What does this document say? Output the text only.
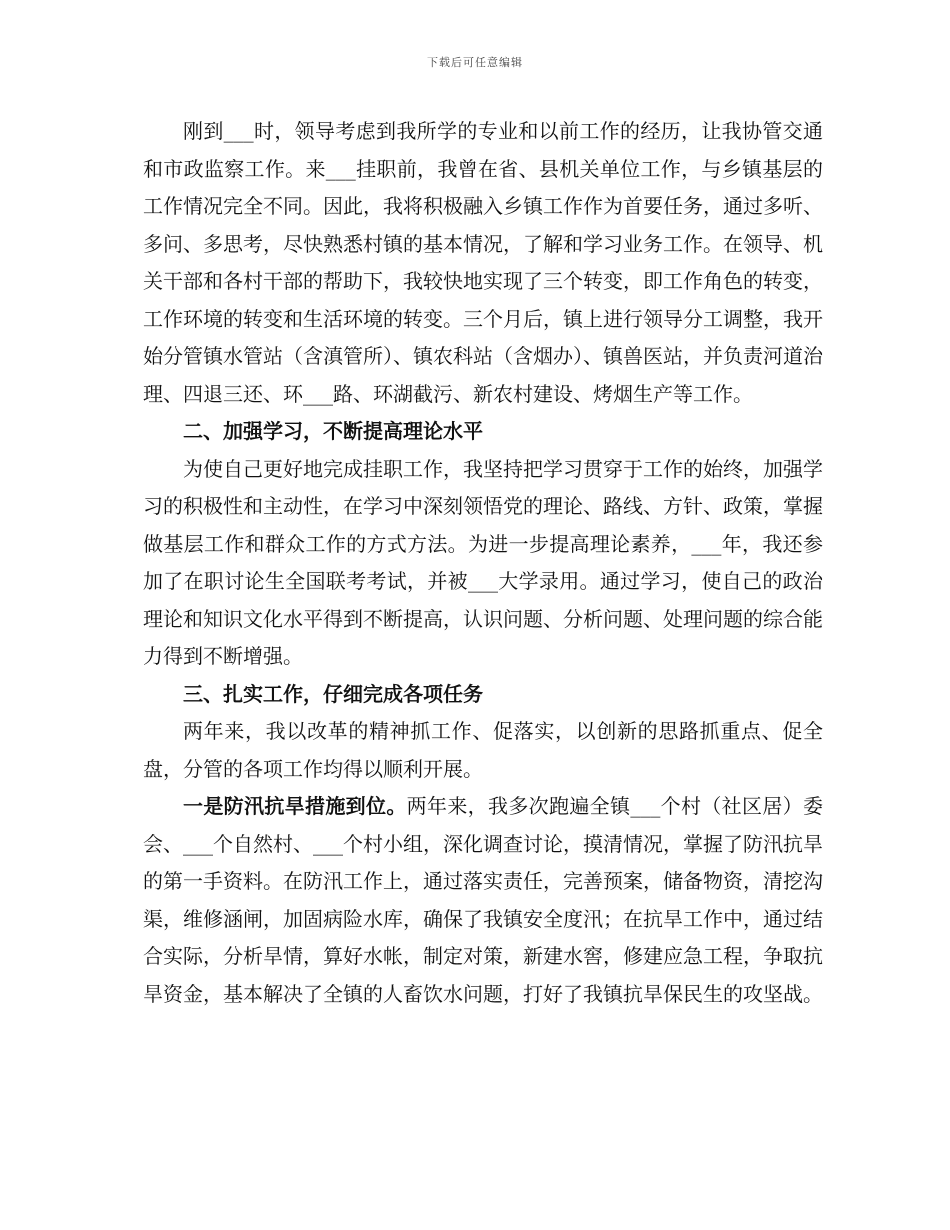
下载后可任意编辑

刚到___时，领导考虑到我所学的专业和以前工作的经历，让我协管交通和市政监察工作。来___挂职前，我曾在省、县机关单位工作，与乡镇基层的工作情况完全不同。因此，我将积极融入乡镇工作作为首要任务，通过多听、多问、多思考，尽快熟悉村镇的基本情况，了解和学习业务工作。在领导、机关干部和各村干部的帮助下，我较快地实现了三个转变，即工作角色的转变，工作环境的转变和生活环境的转变。三个月后，镇上进行领导分工调整，我开始分管镇水管站（含滇管所）、镇农科站（含烟办）、镇兽医站，并负责河道治理、四退三还、环___路、环湖截污、新农村建设、烤烟生产等工作。

二、加强学习，不断提高理论水平

为使自己更好地完成挂职工作，我坚持把学习贯穿于工作的始终，加强学习的积极性和主动性，在学习中深刻领悟党的理论、路线、方针、政策，掌握做基层工作和群众工作的方式方法。为进一步提高理论素养，___年，我还参加了在职讨论生全国联考考试，并被___大学录用。通过学习，使自己的政治理论和知识文化水平得到不断提高，认识问题、分析问题、处理问题的综合能力得到不断增强。

三、扎实工作，仔细完成各项任务

两年来，我以改革的精神抓工作、促落实，以创新的思路抓重点、促全盘，分管的各项工作均得以顺利开展。

一是防汛抗旱措施到位。两年来，我多次跑遍全镇___个村（社区居）委会、___个自然村、___个村小组，深化调查讨论，摸清情况，掌握了防汛抗旱的第一手资料。在防汛工作上，通过落实责任，完善预案，储备物资，清挖沟渠，维修涵闸，加固病险水库，确保了我镇安全度汛；在抗旱工作中，通过结合实际，分析旱情，算好水帐，制定对策，新建水窖，修建应急工程，争取抗旱资金，基本解决了全镇的人畜饮水问题，打好了我镇抗旱保民生的攻坚战。
